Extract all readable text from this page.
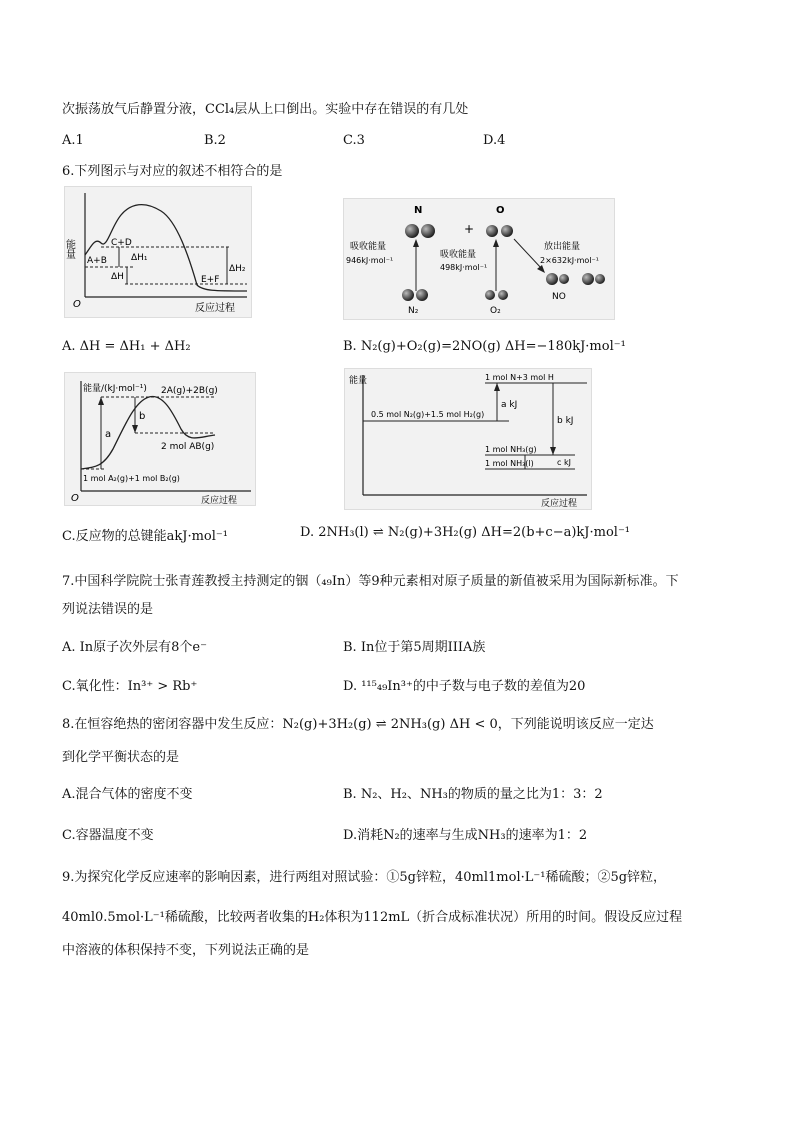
次振荡放气后静置分液，CCl₄层从上口倒出。实验中存在错误的有几处
A.1	B.2	C.3	D.4
6.下列图示与对应的叙述不相符合的是
能量	C+D
A+B	ΔH₁
ΔH
ΔH₂
E+F
O	反应过程
N
+
O
吸收能量
946kJ·mol⁻¹
吸收能量
498kJ·mol⁻¹
放出能量
2×632kJ·mol⁻¹
N₂	O₂
NO
A. ΔH = ΔH₁ + ΔH₂	B. N₂(g)+O₂(g)=2NO(g) ΔH=−180kJ·mol⁻¹
能量/(kJ·mol⁻¹) 2A(g)+2B(g)
a
b
2 mol AB(g)
1 mol A₂(g)+1 mol B₂(g)
O	反应过程
能量	1 mol N+3 mol H
0.5 mol N₂(g)+1.5 mol H₂(g)
a kJ
b kJ
1 mol NH₃(g)
1 mol NH₃(l)	c kJ
反应过程
C.反应物的总键能akJ·mol⁻¹	D. 2NH₃(l) ⇌ N₂(g)+3H₂(g) ΔH=2(b+c−a)kJ·mol⁻¹
7.中国科学院院士张青莲教授主持测定的铟（₄₉In）等9种元素相对原子质量的新值被采用为国际新标准。下
列说法错误的是
A. In原子次外层有8个e⁻	B. In位于第5周期IIIA族
C.氧化性：In³⁺ > Rb⁺	D. ¹¹⁵₄₉In³⁺的中子数与电子数的差值为20
8.在恒容绝热的密闭容器中发生反应：N₂(g)+3H₂(g) ⇌ 2NH₃(g) ΔH < 0，下列能说明该反应一定达
到化学平衡状态的是
A.混合气体的密度不变	B. N₂、H₂、NH₃的物质的量之比为1：3：2
C.容器温度不变	D.消耗N₂的速率与生成NH₃的速率为1：2
9.为探究化学反应速率的影响因素，进行两组对照试验：①5g锌粒，40ml1mol·L⁻¹稀硫酸；②5g锌粒，
40ml0.5mol·L⁻¹稀硫酸，比较两者收集的H₂体积为112mL（折合成标准状况）所用的时间。假设反应过程
中溶液的体积保持不变，下列说法正确的是
